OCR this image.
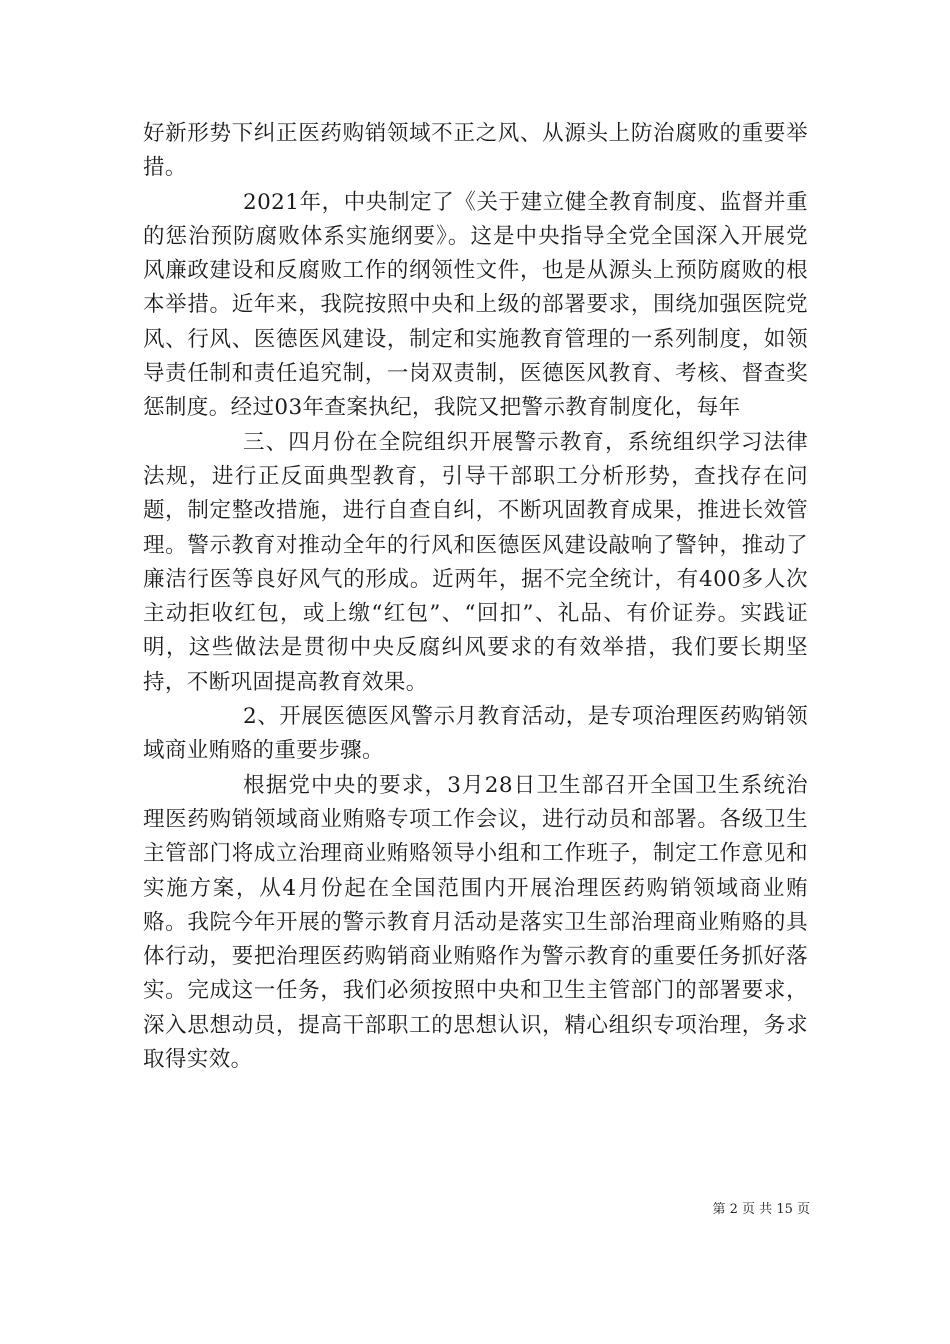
好新形势下纠正医药购销领域不正之风、从源头上防治腐败的重要举措。

2021年，中央制定了《关于建立健全教育制度、监督并重的惩治预防腐败体系实施纲要》。这是中央指导全党全国深入开展党风廉政建设和反腐败工作的纲领性文件，也是从源头上预防腐败的根本举措。近年来，我院按照中央和上级的部署要求，围绕加强医院党风、行风、医德医风建设，制定和实施教育管理的一系列制度，如领导责任制和责任追究制，一岗双责制，医德医风教育、考核、督查奖惩制度。经过03年查案执纪，我院又把警示教育制度化，每年

三、四月份在全院组织开展警示教育，系统组织学习法律法规，进行正反面典型教育，引导干部职工分析形势，查找存在问题，制定整改措施，进行自查自纠，不断巩固教育成果，推进长效管理。警示教育对推动全年的行风和医德医风建设敲响了警钟，推动了廉洁行医等良好风气的形成。近两年，据不完全统计，有400多人次主动拒收红包，或上缴“红包”、“回扣”、礼品、有价证券。实践证明，这些做法是贯彻中央反腐纠风要求的有效举措，我们要长期坚持，不断巩固提高教育效果。

2、开展医德医风警示月教育活动，是专项治理医药购销领域商业贿赂的重要步骤。

根据党中央的要求，3月28日卫生部召开全国卫生系统治理医药购销领域商业贿赂专项工作会议，进行动员和部署。各级卫生主管部门将成立治理商业贿赂领导小组和工作班子，制定工作意见和实施方案，从4月份起在全国范围内开展治理医药购销领域商业贿赂。我院今年开展的警示教育月活动是落实卫生部治理商业贿赂的具体行动，要把治理医药购销商业贿赂作为警示教育的重要任务抓好落实。完成这一任务，我们必须按照中央和卫生主管部门的部署要求，深入思想动员，提高干部职工的思想认识，精心组织专项治理，务求取得实效。

第 2 页 共 15 页
